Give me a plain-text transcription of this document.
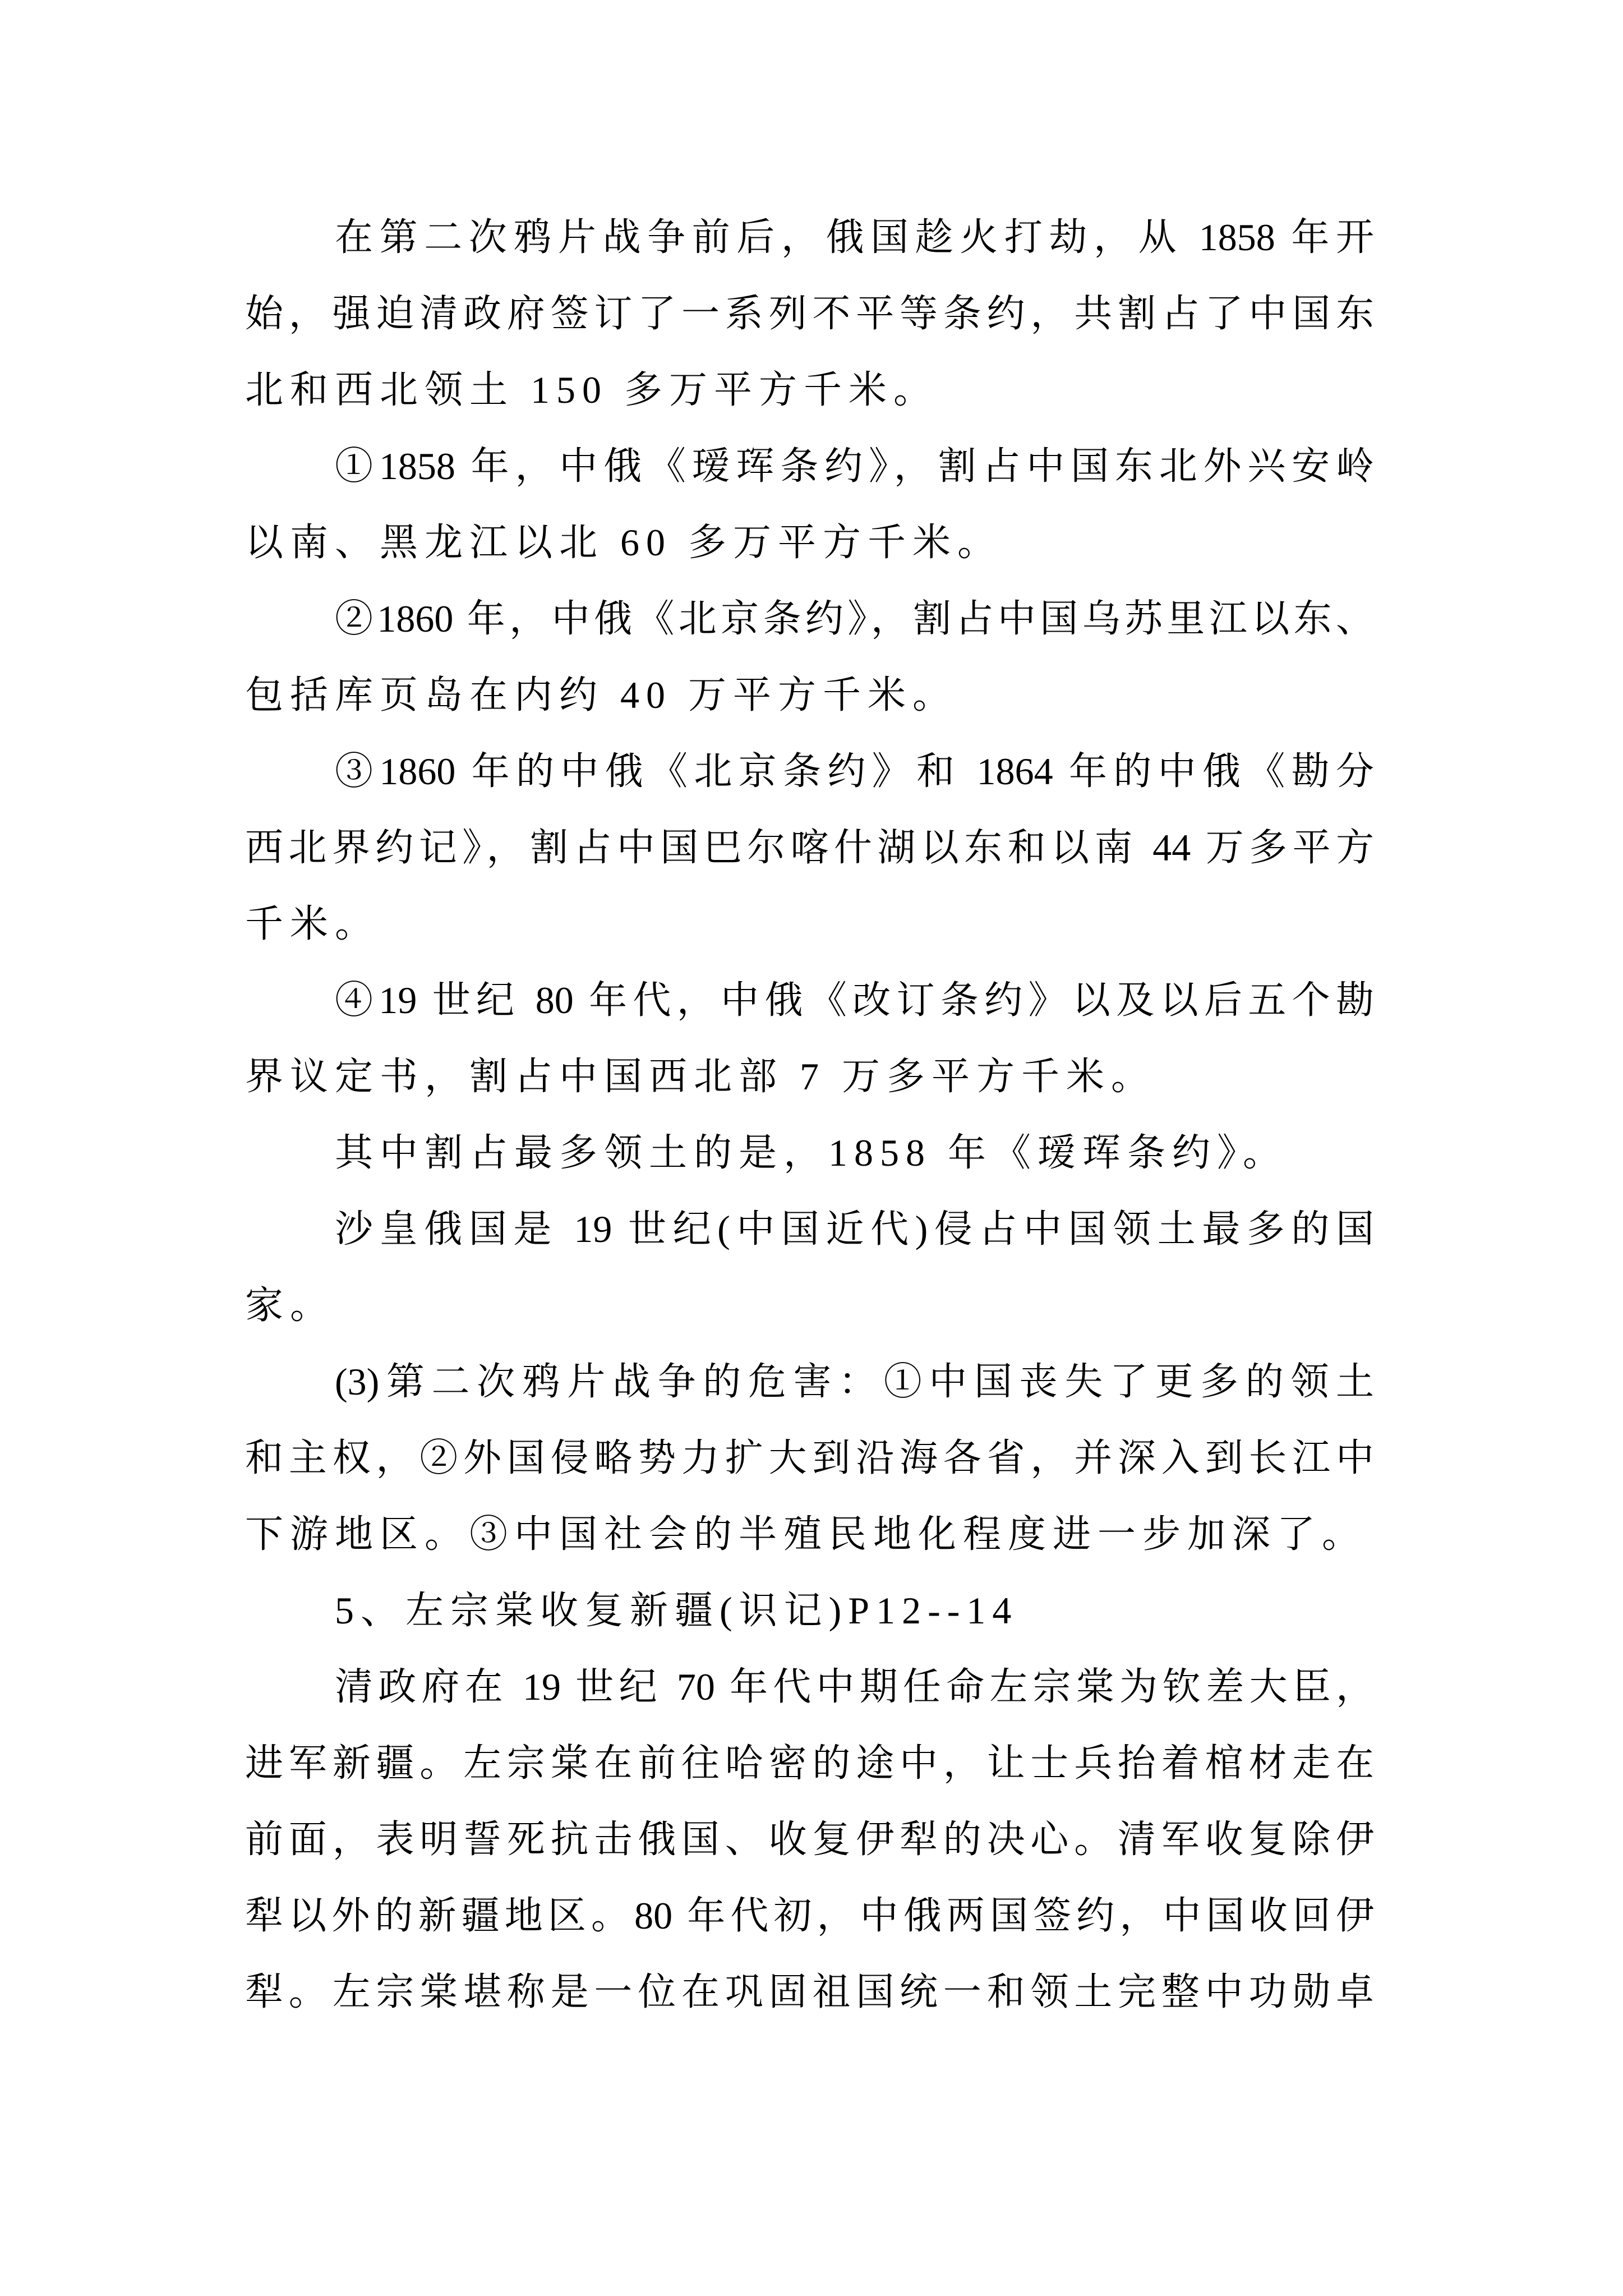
在第二次鸦片战争前后，俄国趁火打劫，从 1858 年开
始，强迫清政府签订了一系列不平等条约，共割占了中国东
北和西北领土 150 多万平方千米。
①1858 年，中俄《瑷珲条约》，割占中国东北外兴安岭
以南、黑龙江以北 60 多万平方千米。
②1860 年，中俄《北京条约》，割占中国乌苏里江以东、
包括库页岛在内约 40 万平方千米。
③1860 年的中俄《北京条约》和 1864 年的中俄《勘分
西北界约记》，割占中国巴尔喀什湖以东和以南 44 万多平方
千米。
④19 世纪 80 年代，中俄《改订条约》以及以后五个勘
界议定书，割占中国西北部 7 万多平方千米。
其中割占最多领土的是，1858 年《瑷珲条约》。
沙皇俄国是 19 世纪(中国近代)侵占中国领土最多的国
家。
(3)第二次鸦片战争的危害：①中国丧失了更多的领土
和主权，②外国侵略势力扩大到沿海各省，并深入到长江中
下游地区。③中国社会的半殖民地化程度进一步加深了。
5、左宗棠收复新疆(识记)P12--14
清政府在 19 世纪 70 年代中期任命左宗棠为钦差大臣，
进军新疆。左宗棠在前往哈密的途中，让士兵抬着棺材走在
前面，表明誓死抗击俄国、收复伊犁的决心。清军收复除伊
犁以外的新疆地区。80 年代初，中俄两国签约，中国收回伊
犁。左宗棠堪称是一位在巩固祖国统一和领土完整中功勋卓
